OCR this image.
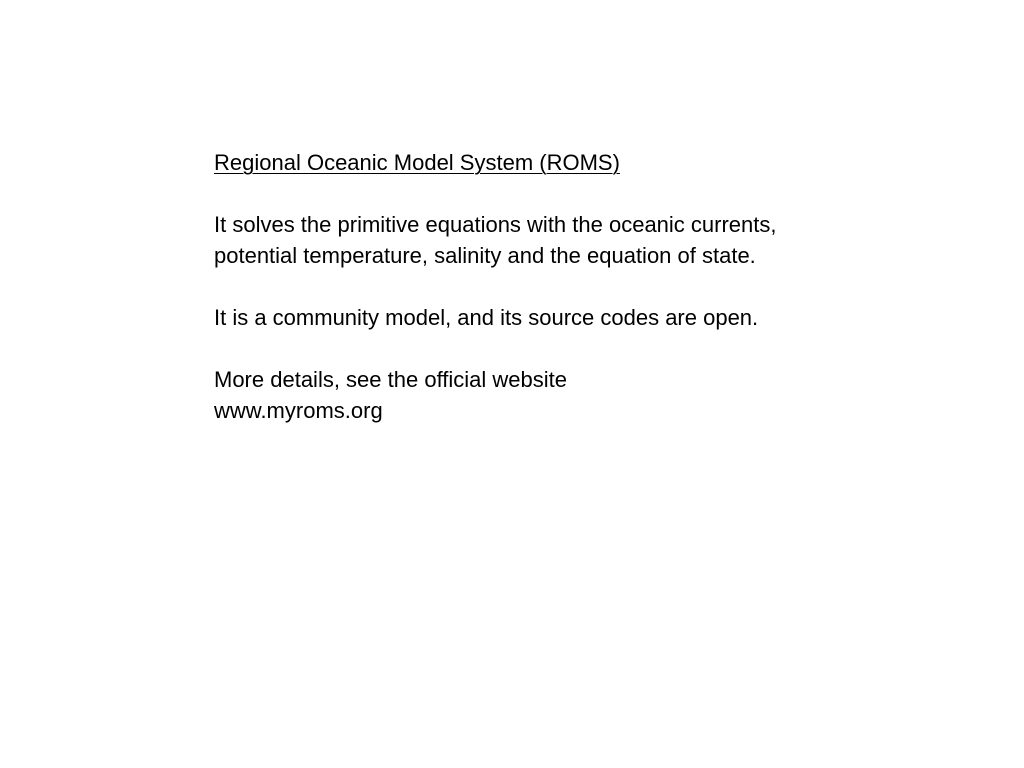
Regional Oceanic Model System (ROMS)
It solves the primitive equations with the oceanic currents,
potential temperature, salinity and the equation of state.
It is a community model, and its source codes are open.
More details, see the official website
www.myroms.org
